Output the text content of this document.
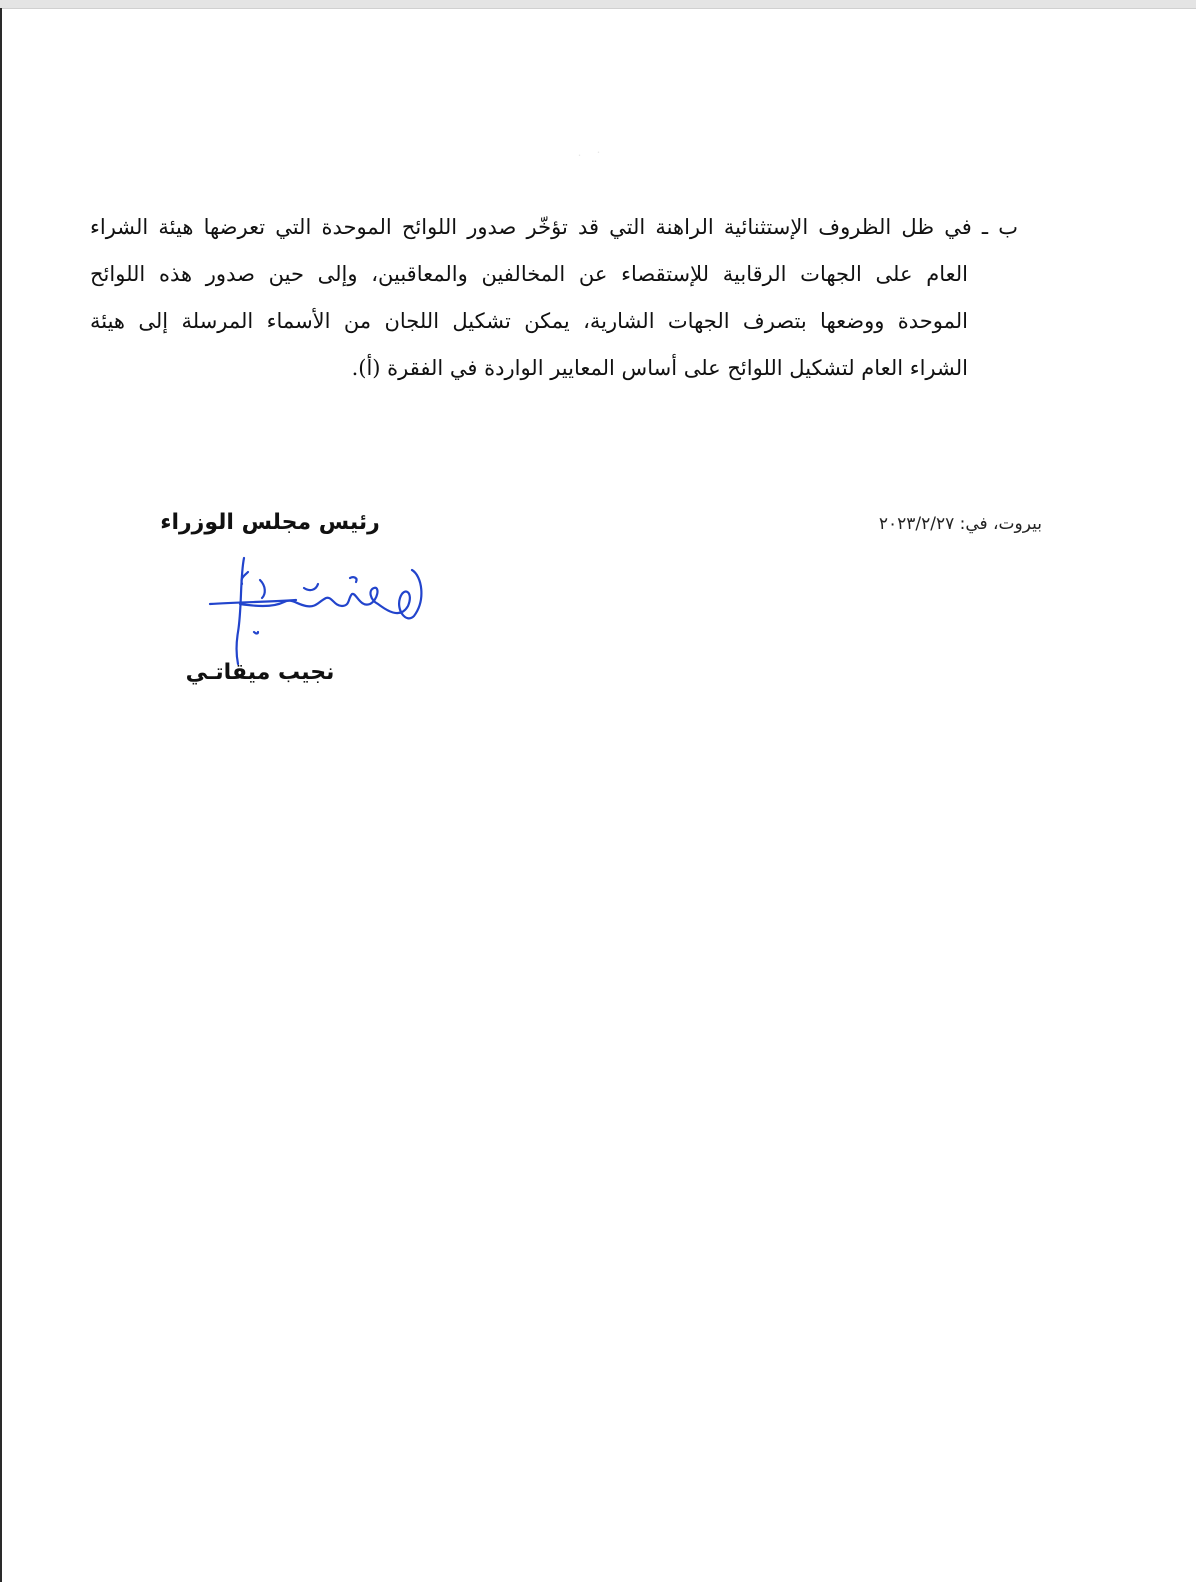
. ·
ب ـ في ظل الظروف الإستثنائية الراهنة التي قد تؤخّر صدور اللوائح الموحدة التي تعرضها هيئة الشراء
العام على الجهات الرقابية للإستقصاء عن المخالفين والمعاقبين، وإلى حين صدور هذه اللوائح
الموحدة ووضعها بتصرف الجهات الشارية، يمكن تشكيل اللجان من الأسماء المرسلة إلى هيئة
الشراء العام لتشكيل اللوائح على أساس المعايير الواردة في الفقرة (أ).
بيروت، في: ٢٠٢٣/٢/٢٧
رئيس مجلس الوزراء
نجيب ميقاتـي
